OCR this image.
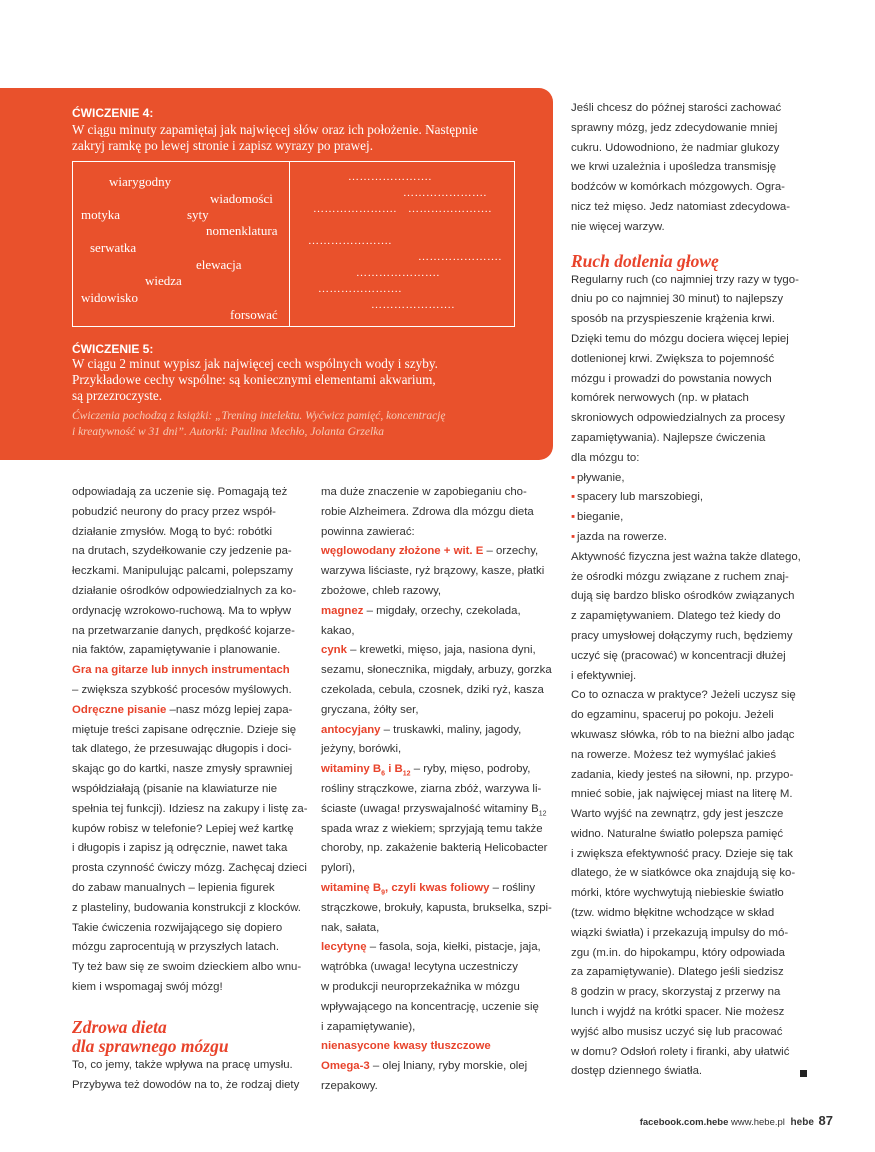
ĆWICZENIE 4:

W ciągu minuty zapamiętaj jak najwięcej słów oraz ich położenie. Następnie

zakryj ramkę po lewej stronie i zapisz wyrazy po prawej.

wiarygodny
wiadomości
motyka	syty
nomenklatura
serwatka
elewacja
wiedza
widowisko
forsować
………………….
………………….
…………………. ………………….
………………….
………………….
………………….
………………….
………………….

ĆWICZENIE 5:

W ciągu 2 minut wypisz jak najwięcej cech wspólnych wody i szyby.

Przykładowe cechy wspólne: są koniecznymi elementami akwarium,

są przezroczyste.

Ćwiczenia pochodzą z książki: „Trening intelektu. Wyćwicz pamięć, koncentrację
i kreatywność w 31 dni”. Autorki: Paulina Mechło, Jolanta Grzelka

odpowiadają za uczenie się. Pomagają też

pobudzić neurony do pracy przez współ-

działanie zmysłów. Mogą to być: robótki

na drutach, szydełkowanie czy jedzenie pa-

łeczkami. Manipulując palcami, polepszamy

działanie ośrodków odpowiedzialnych za ko-

ordynację wzrokowo-ruchową. Ma to wpływ

na przetwarzanie danych, prędkość kojarze-

nia faktów, zapamiętywanie i planowanie.

Gra na gitarze lub innych instrumentach

– zwiększa szybkość procesów myślowych.

Odręczne pisanie –nasz mózg lepiej zapa-

miętuje treści zapisane odręcznie. Dzieje się

tak dlatego, że przesuwając długopis i doci-

skając go do kartki, nasze zmysły sprawniej

współdziałają (pisanie na klawiaturze nie

spełnia tej funkcji). Idziesz na zakupy i listę za-

kupów robisz w telefonie? Lepiej weź kartkę

i długopis i zapisz ją odręcznie, nawet taka

prosta czynność ćwiczy mózg. Zachęcaj dzieci

do zabaw manualnych – lepienia figurek

z plasteliny, budowania konstrukcji z klocków.

Takie ćwiczenia rozwijającego się dopiero

mózgu zaprocentują w przyszłych latach.

Ty też baw się ze swoim dzieckiem albo wnu-

kiem i wspomagaj swój mózg!

Zdrowa dieta

dla sprawnego mózgu

To, co jemy, także wpływa na pracę umysłu.

Przybywa też dowodów na to, że rodzaj diety

ma duże znaczenie w zapobieganiu cho-

robie Alzheimera. Zdrowa dla mózgu dieta

powinna zawierać:

węglowodany złożone + wit. E – orzechy,

warzywa liściaste, ryż brązowy, kasze, płatki

zbożowe, chleb razowy,

magnez – migdały, orzechy, czekolada,

kakao,

cynk – krewetki, mięso, jaja, nasiona dyni,

sezamu, słonecznika, migdały, arbuzy, gorzka

czekolada, cebula, czosnek, dziki ryż, kasza

gryczana, żółty ser,

antocyjany – truskawki, maliny, jagody,

jeżyny, borówki,

witaminy $B_6$ i $B_{12}$ – ryby, mięso, podroby,

rośliny strączkowe, ziarna zbóż, warzywa li-

ściaste (uwaga! przyswajalność witaminy $B_{12}$

spada wraz z wiekiem; sprzyjają temu także

choroby, np. zakażenie bakterią Helicobacter

pylori),

witaminę $B_9$, czyli kwas foliowy – rośliny

strączkowe, brokuły, kapusta, brukselka, szpi-

nak, sałata,

lecytynę – fasola, soja, kiełki, pistacje, jaja,

wątróbka (uwaga! lecytyna uczestniczy

w produkcji neuroprzekaźnika w mózgu

wpływającego na koncentrację, uczenie się

i zapamiętywanie),

nienasycone kwasy tłuszczowe

Omega-3 – olej lniany, ryby morskie, olej

rzepakowy.

Jeśli chcesz do późnej starości zachować

sprawny mózg, jedz zdecydowanie mniej

cukru. Udowodniono, że nadmiar glukozy

we krwi uzależnia i upośledza transmisję

bodźców w komórkach mózgowych. Ogra-

nicz też mięso. Jedz natomiast zdecydowa-

nie więcej warzyw.

Ruch dotlenia głowę

Regularny ruch (co najmniej trzy razy w tygo-

dniu po co najmniej 30 minut) to najlepszy

sposób na przyspieszenie krążenia krwi.

Dzięki temu do mózgu dociera więcej lepiej

dotlenionej krwi. Zwiększa to pojemność

mózgu i prowadzi do powstania nowych

komórek nerwowych (np. w płatach

skroniowych odpowiedzialnych za procesy

zapamiętywania). Najlepsze ćwiczenia

dla mózgu to:

▪ pływanie,

▪ spacery lub marszobiegi,

▪ bieganie,

▪ jazda na rowerze.

Aktywność fizyczna jest ważna także dlatego,

że ośrodki mózgu związane z ruchem znaj-

dują się bardzo blisko ośrodków związanych

z zapamiętywaniem. Dlatego też kiedy do

pracy umysłowej dołączymy ruch, będziemy

uczyć się (pracować) w koncentracji dłużej

i efektywniej.

Co to oznacza w praktyce? Jeżeli uczysz się

do egzaminu, spaceruj po pokoju. Jeżeli

wkuwasz słówka, rób to na bieżni albo jadąc

na rowerze. Możesz też wymyślać jakieś

zadania, kiedy jesteś na siłowni, np. przypo-

mnieć sobie, jak najwięcej miast na literę M.

Warto wyjść na zewnątrz, gdy jest jeszcze

widno. Naturalne światło polepsza pamięć

i zwiększa efektywność pracy. Dzieje się tak

dlatego, że w siatkówce oka znajdują się ko-

mórki, które wychwytują niebieskie światło

(tzw. widmo błękitne wchodzące w skład

wiązki światła) i przekazują impulsy do mó-

zgu (m.in. do hipokampu, który odpowiada

za zapamiętywanie). Dlatego jeśli siedzisz

8 godzin w pracy, skorzystaj z przerwy na

lunch i wyjdź na krótki spacer. Nie możesz

wyjść albo musisz uczyć się lub pracować

w domu? Odsłoń rolety i firanki, aby ułatwić

dostęp dziennego światła.

facebook.com.hebe www.hebe.pl hebe 87
